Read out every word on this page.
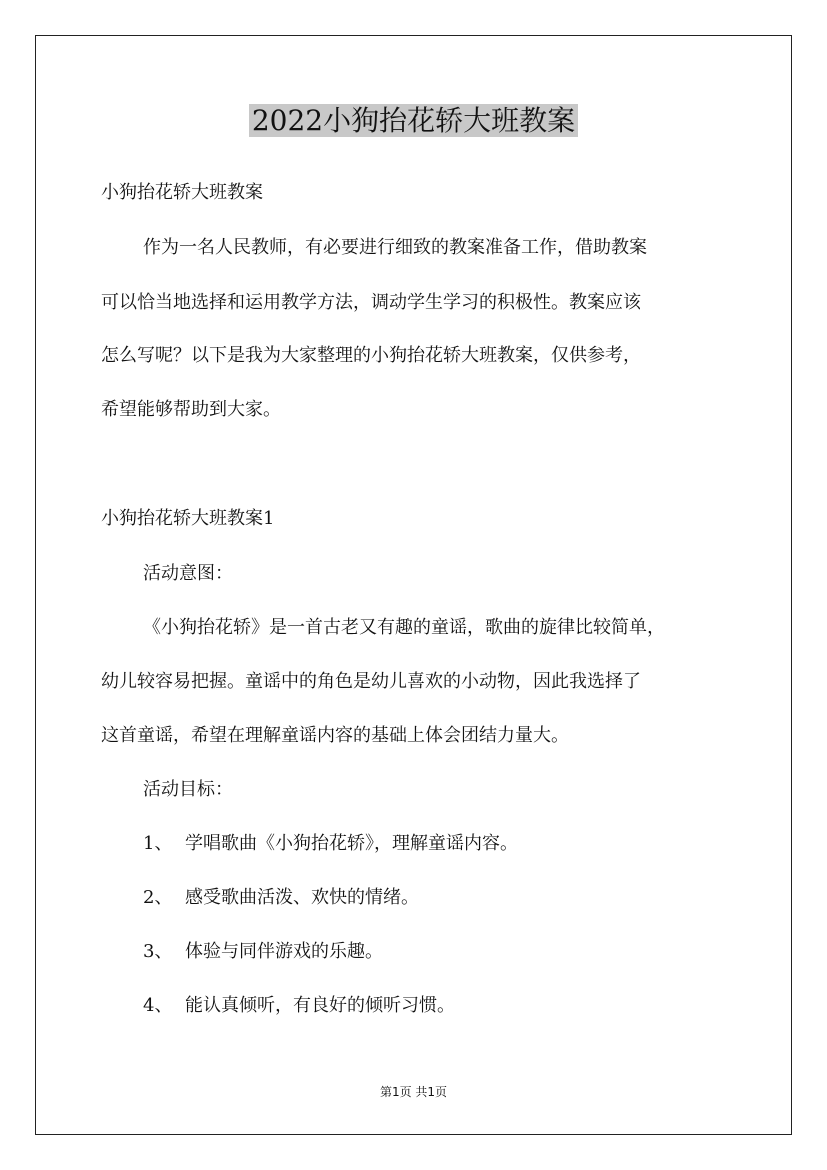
2022小狗抬花轿大班教案

小狗抬花轿大班教案

作为一名人民教师，有必要进行细致的教案准备工作，借助教案

可以恰当地选择和运用教学方法，调动学生学习的积极性。教案应该

怎么写呢？以下是我为大家整理的小狗抬花轿大班教案，仅供参考，

希望能够帮助到大家。

小狗抬花轿大班教案1

活动意图：

《小狗抬花轿》是一首古老又有趣的童谣，歌曲的旋律比较简单，

幼儿较容易把握。童谣中的角色是幼儿喜欢的小动物，因此我选择了

这首童谣，希望在理解童谣内容的基础上体会团结力量大。

活动目标：

1、 学唱歌曲《小狗抬花轿》，理解童谣内容。
2、 感受歌曲活泼、欢快的情绪。
3、 体验与同伴游戏的乐趣。
4、 能认真倾听，有良好的倾听习惯。
第1页 共1页
